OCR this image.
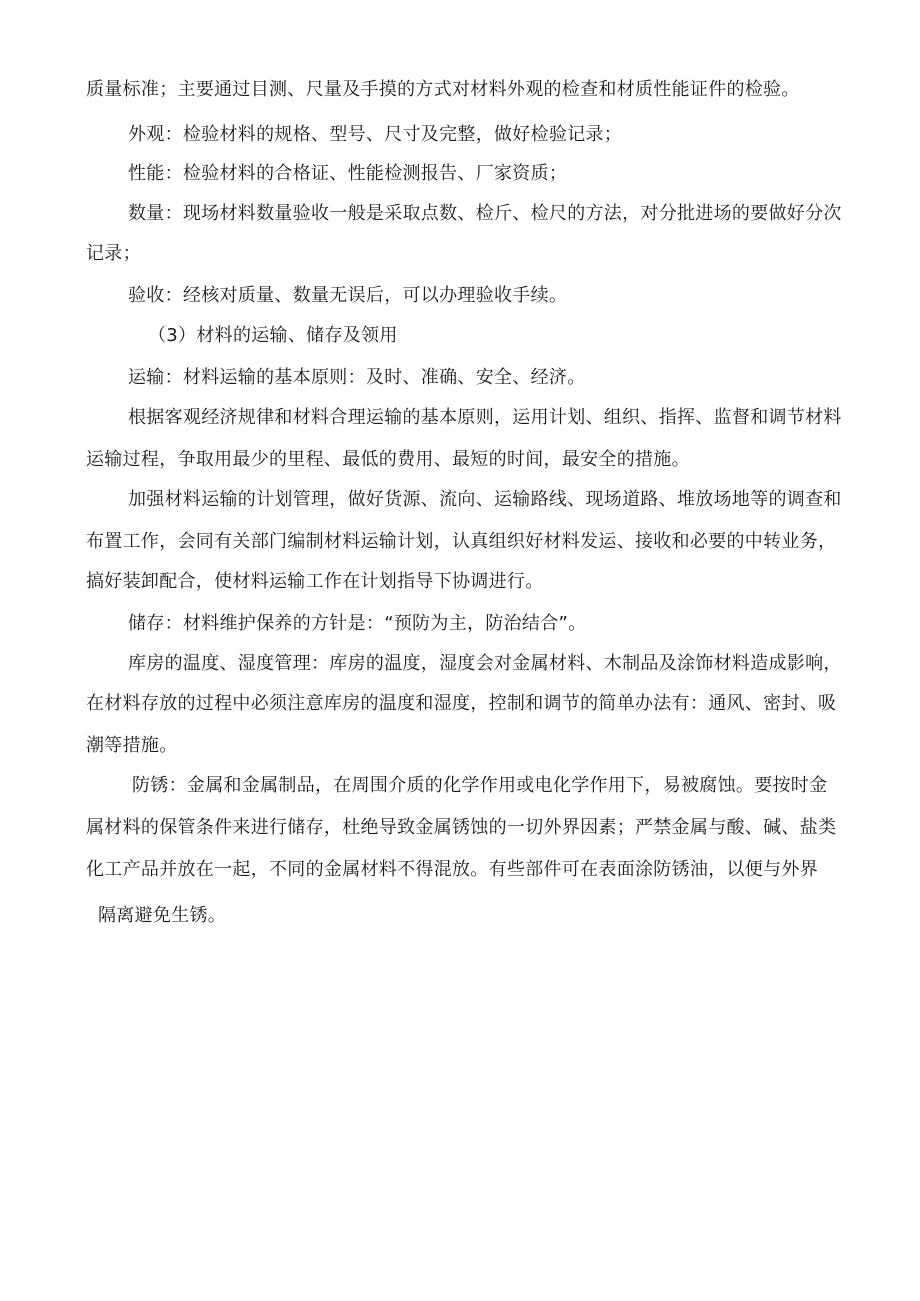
质量标准；主要通过目测、尺量及手摸的方式对材料外观的检查和材质性能证件的检验。
外观：检验材料的规格、型号、尺寸及完整，做好检验记录；
性能：检验材料的合格证、性能检测报告、厂家资质；
数量：现场材料数量验收一般是采取点数、检斤、检尺的方法，对分批进场的要做好分次
记录；
验收：经核对质量、数量无误后，可以办理验收手续。
（3）材料的运输、储存及领用
运输：材料运输的基本原则：及时、准确、安全、经济。
根据客观经济规律和材料合理运输的基本原则，运用计划、组织、指挥、监督和调节材料
运输过程，争取用最少的里程、最低的费用、最短的时间，最安全的措施。
加强材料运输的计划管理，做好货源、流向、运输路线、现场道路、堆放场地等的调查和
布置工作，会同有关部门编制材料运输计划，认真组织好材料发运、接收和必要的中转业务，
搞好装卸配合，使材料运输工作在计划指导下协调进行。
储存：材料维护保养的方针是：“预防为主，防治结合”。
库房的温度、湿度管理：库房的温度，湿度会对金属材料、木制品及涂饰材料造成影响，
在材料存放的过程中必须注意库房的温度和湿度，控制和调节的简单办法有：通风、密封、吸
潮等措施。
防锈：金属和金属制品，在周围介质的化学作用或电化学作用下，易被腐蚀。要按时金
属材料的保管条件来进行储存，杜绝导致金属锈蚀的一切外界因素；严禁金属与酸、碱、盐类
化工产品并放在一起，不同的金属材料不得混放。有些部件可在表面涂防锈油，以便与外界
隔离避免生锈。
